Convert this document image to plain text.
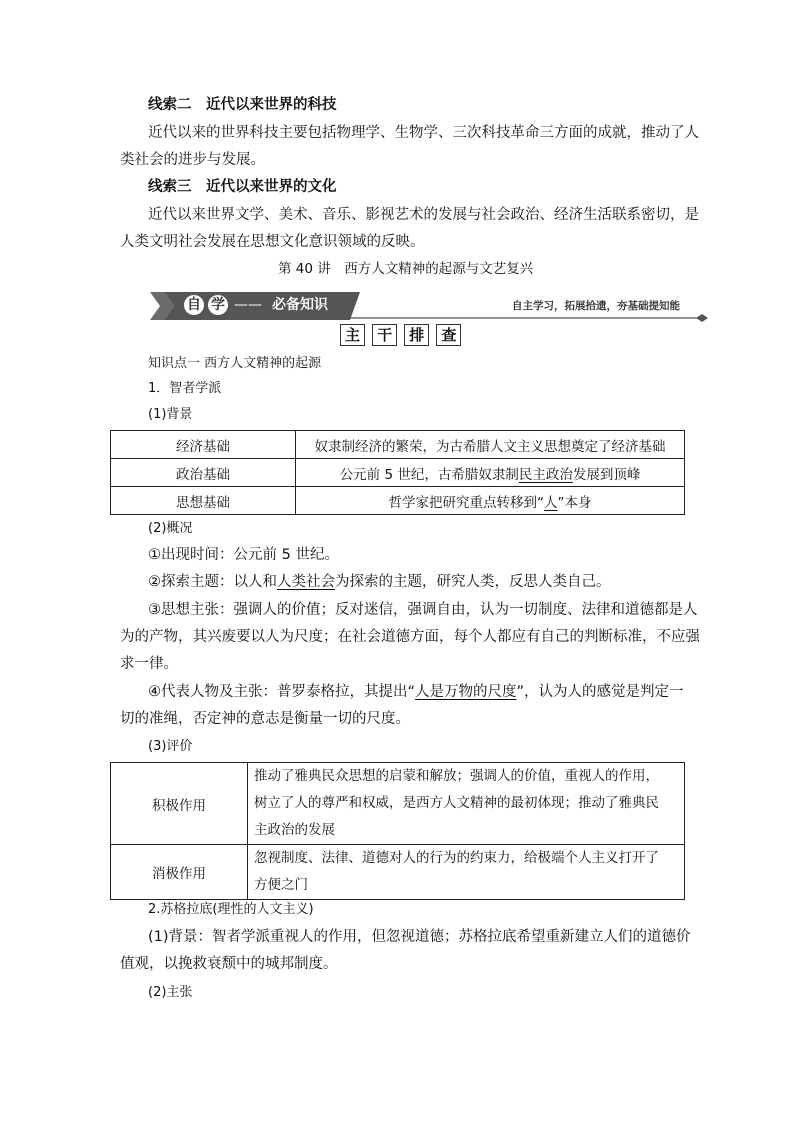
线索二　近代以来世界的科技
近代以来的世界科技主要包括物理学、生物学、三次科技革命三方面的成就，推动了人
类社会的进步与发展。
线索三　近代以来世界的文化
近代以来世界文学、美术、音乐、影视艺术的发展与社会政治、经济生活联系密切，是
人类文明社会发展在思想文化意识领域的反映。
第 40 讲　西方人文精神的起源与文艺复兴
自 学 —— 必备知识	自主学习，拓展拾遗，夯基础提知能
主 干 排 查
知识点一 西方人文精神的起源
1．智者学派
(1)背景
经济基础	奴隶制经济的繁荣，为古希腊人文主义思想奠定了经济基础
政治基础	公元前 5 世纪，古希腊奴隶制民主政治发展到顶峰
思想基础	哲学家把研究重点转移到“人”本身
(2)概况
①出现时间：公元前 5 世纪。
②探索主题：以人和人类社会为探索的主题，研究人类，反思人类自己。
③思想主张：强调人的价值；反对迷信，强调自由，认为一切制度、法律和道德都是人
为的产物，其兴废要以人为尺度；在社会道德方面，每个人都应有自己的判断标准，不应强
求一律。
④代表人物及主张：普罗泰格拉，其提出“人是万物的尺度”，认为人的感觉是判定一
切的准绳，否定神的意志是衡量一切的尺度。
(3)评价
积极作用	推动了雅典民众思想的启蒙和解放；强调人的价值，重视人的作用，
树立了人的尊严和权威，是西方人文精神的最初体现；推动了雅典民
主政治的发展

消极作用	忽视制度、法律、道德对人的行为的约束力，给极端个人主义打开了
方便之门
2.苏格拉底(理性的人文主义)
(1)背景：智者学派重视人的作用，但忽视道德；苏格拉底希望重新建立人们的道德价
值观，以挽救衰颓中的城邦制度。
(2)主张
